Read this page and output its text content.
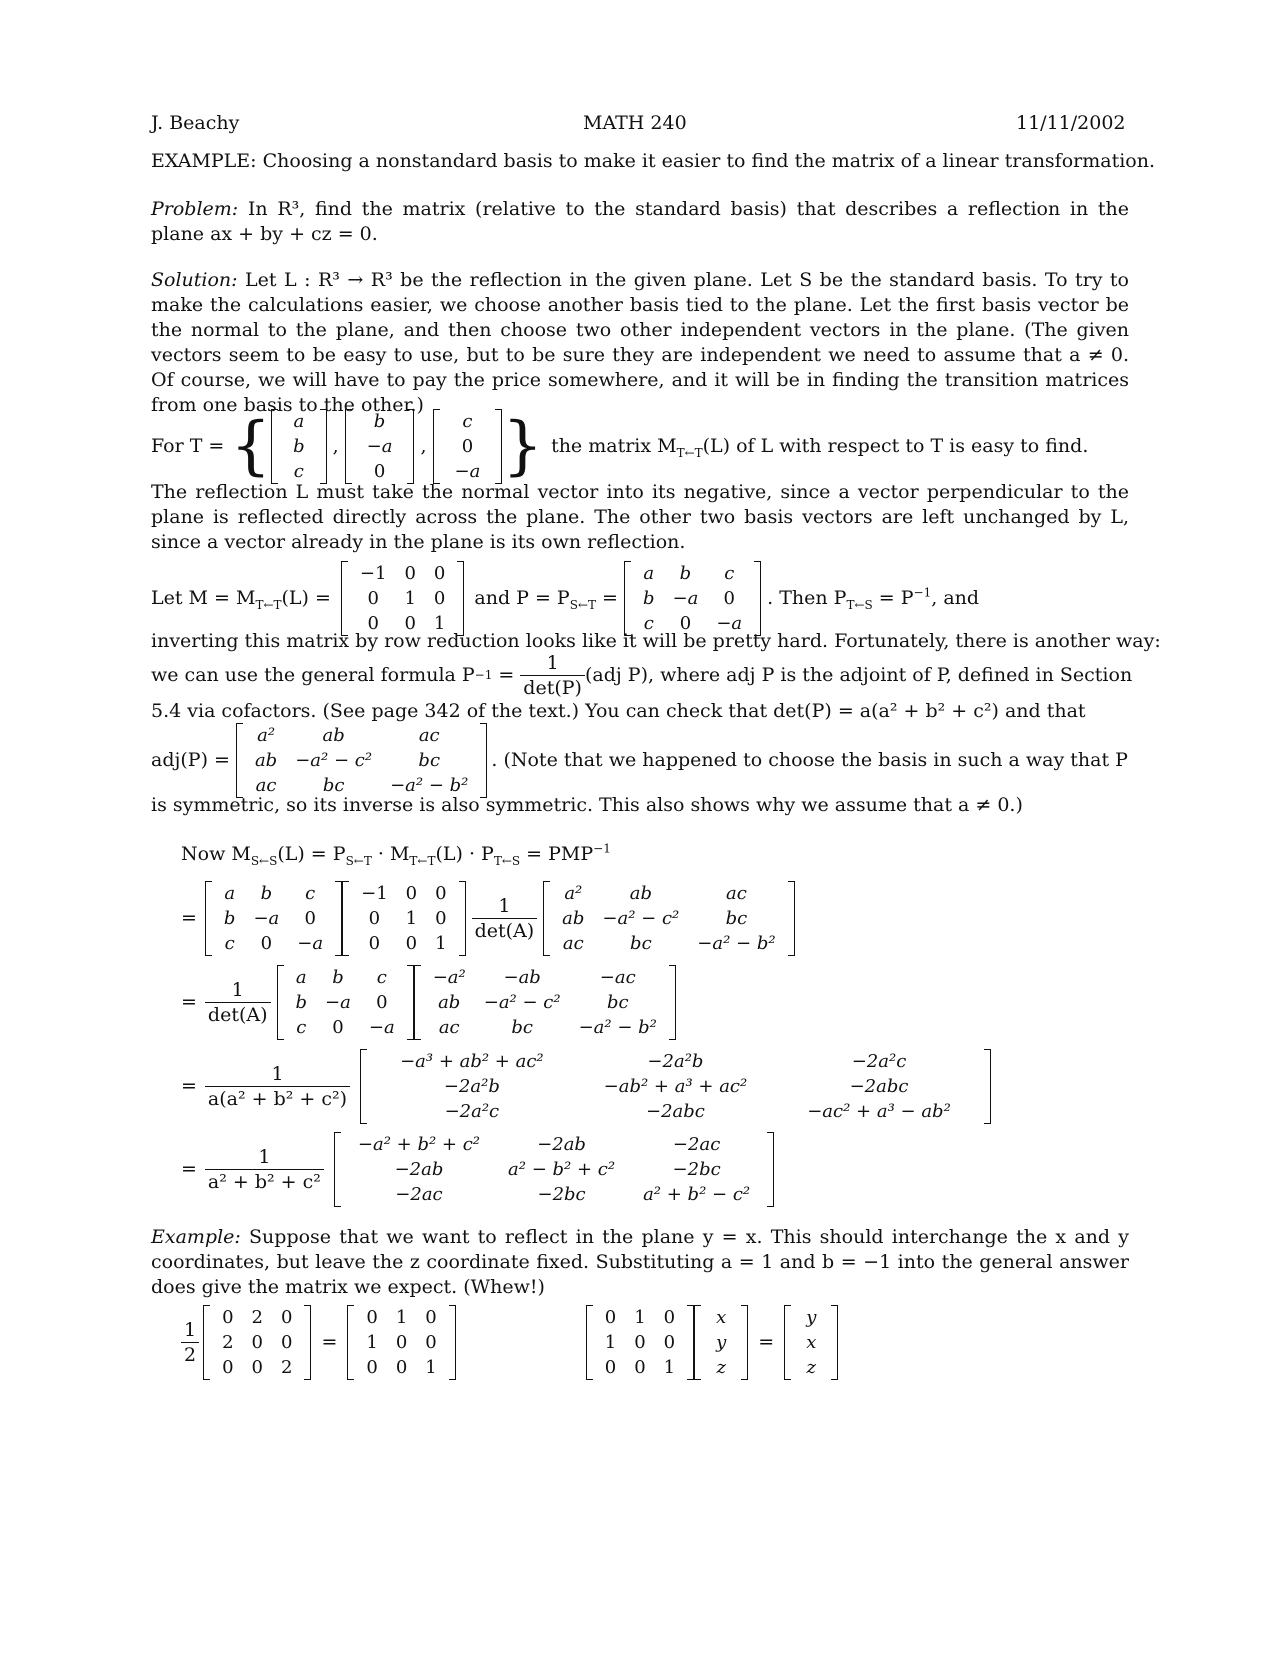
J. Beachy	MATH 240	11/11/2002
EXAMPLE: Choosing a nonstandard basis to make it easier to find the matrix of a linear transformation.
Problem: In R³, find the matrix (relative to the standard basis) that describes a reflection in the plane ax + by + cz = 0.
Solution: Let L : R³ → R³ be the reflection in the given plane. Let S be the standard basis. To try to make the calculations easier, we choose another basis tied to the plane. Let the first basis vector be the normal to the plane, and then choose two other independent vectors in the plane. (The given vectors seem to be easy to use, but to be sure they are independent we need to assume that a ≠ 0. Of course, we will have to pay the price somewhere, and it will be in finding the transition matrices from one basis to the other.)
For T = { a
b
c
,
b
−a
0
,
c
0
−a } the matrix $M_{T\leftarrow T}(L)$ of L with respect to T is easy to find.
The reflection L must take the normal vector into its negative, since a vector perpendicular to the plane is reflected directly across the plane. The other two basis vectors are left unchanged by L, since a vector already in the plane is its own reflection.
Let $M = M_{T\leftarrow T}(L)$ =
−1	0	0
0	1	0
0	0	1
and $P = P_{S\leftarrow T}$ =
a	b	c
b	−a	0
c	0	−a
. Then $P_{T\leftarrow S} = P^{-1}$, and
inverting this matrix by row reduction looks like it will be pretty hard. Fortunately, there is another way:
we can use the general formula $P -1 = \frac{1}{\det(P)} (adj$ P), where adj P is the adjoint of P, defined in Section
5.4 via cofactors. (See page 342 of the text.) You can check that det(P) = a(a² + b² + c²) and that
adj(P) =
a²	ab	ac
ab	−a² − c²	bc
ac	bc	−a² − b²
. (Note that we happened to choose the basis in such a way that P
is symmetric, so its inverse is also symmetric. This also shows why we assume that a ≠ 0.)
Now $M_{S\leftarrow S}(L) = P_{S\leftarrow T} \cdot M_{T\leftarrow T}(L) \cdot P_{T\leftarrow S} = PMP^{-1}$
=
a	b	c
b	−a	0
c	0	−a
−1	0	0
0	1	0
0	0	1
$\frac{1}{\det(A)}$
a²	ab	ac
ab	−a² − c²	bc
ac	bc	−a² − b²
= $\frac{1}{\det(A)}$
a	b	c
b	−a	0
c	0	−a
−a²	−ab	−ac
ab	−a² − c²	bc
ac	bc	−a² − b²
= $\frac{1}{\text{a(a² + b² + c²)}}$
−a³ + ab² + ac²	−2a²b	−2a²c
−2a²b	−ab² + a³ + ac²	−2abc
−2a²c	−2abc	−ac² + a³ − ab²
= $\frac{1}{\text{a² + b² + c²}}$
−a² + b² + c²	−2ab	−2ac
−2ab	a² − b² + c²	−2bc
−2ac	−2bc	a² + b² − c²
Example: Suppose that we want to reflect in the plane y = x. This should interchange the x and y coordinates, but leave the z coordinate fixed. Substituting a = 1 and b = −1 into the general answer does give the matrix we expect. (Whew!)
$\frac{1}{2}$
0	2	0
2	0	0
0	0	2
=
0	1	0
1	0	0
0	0	1
0	1	0
1	0	0
0	0	1
x
y
z
=
y
x
z
